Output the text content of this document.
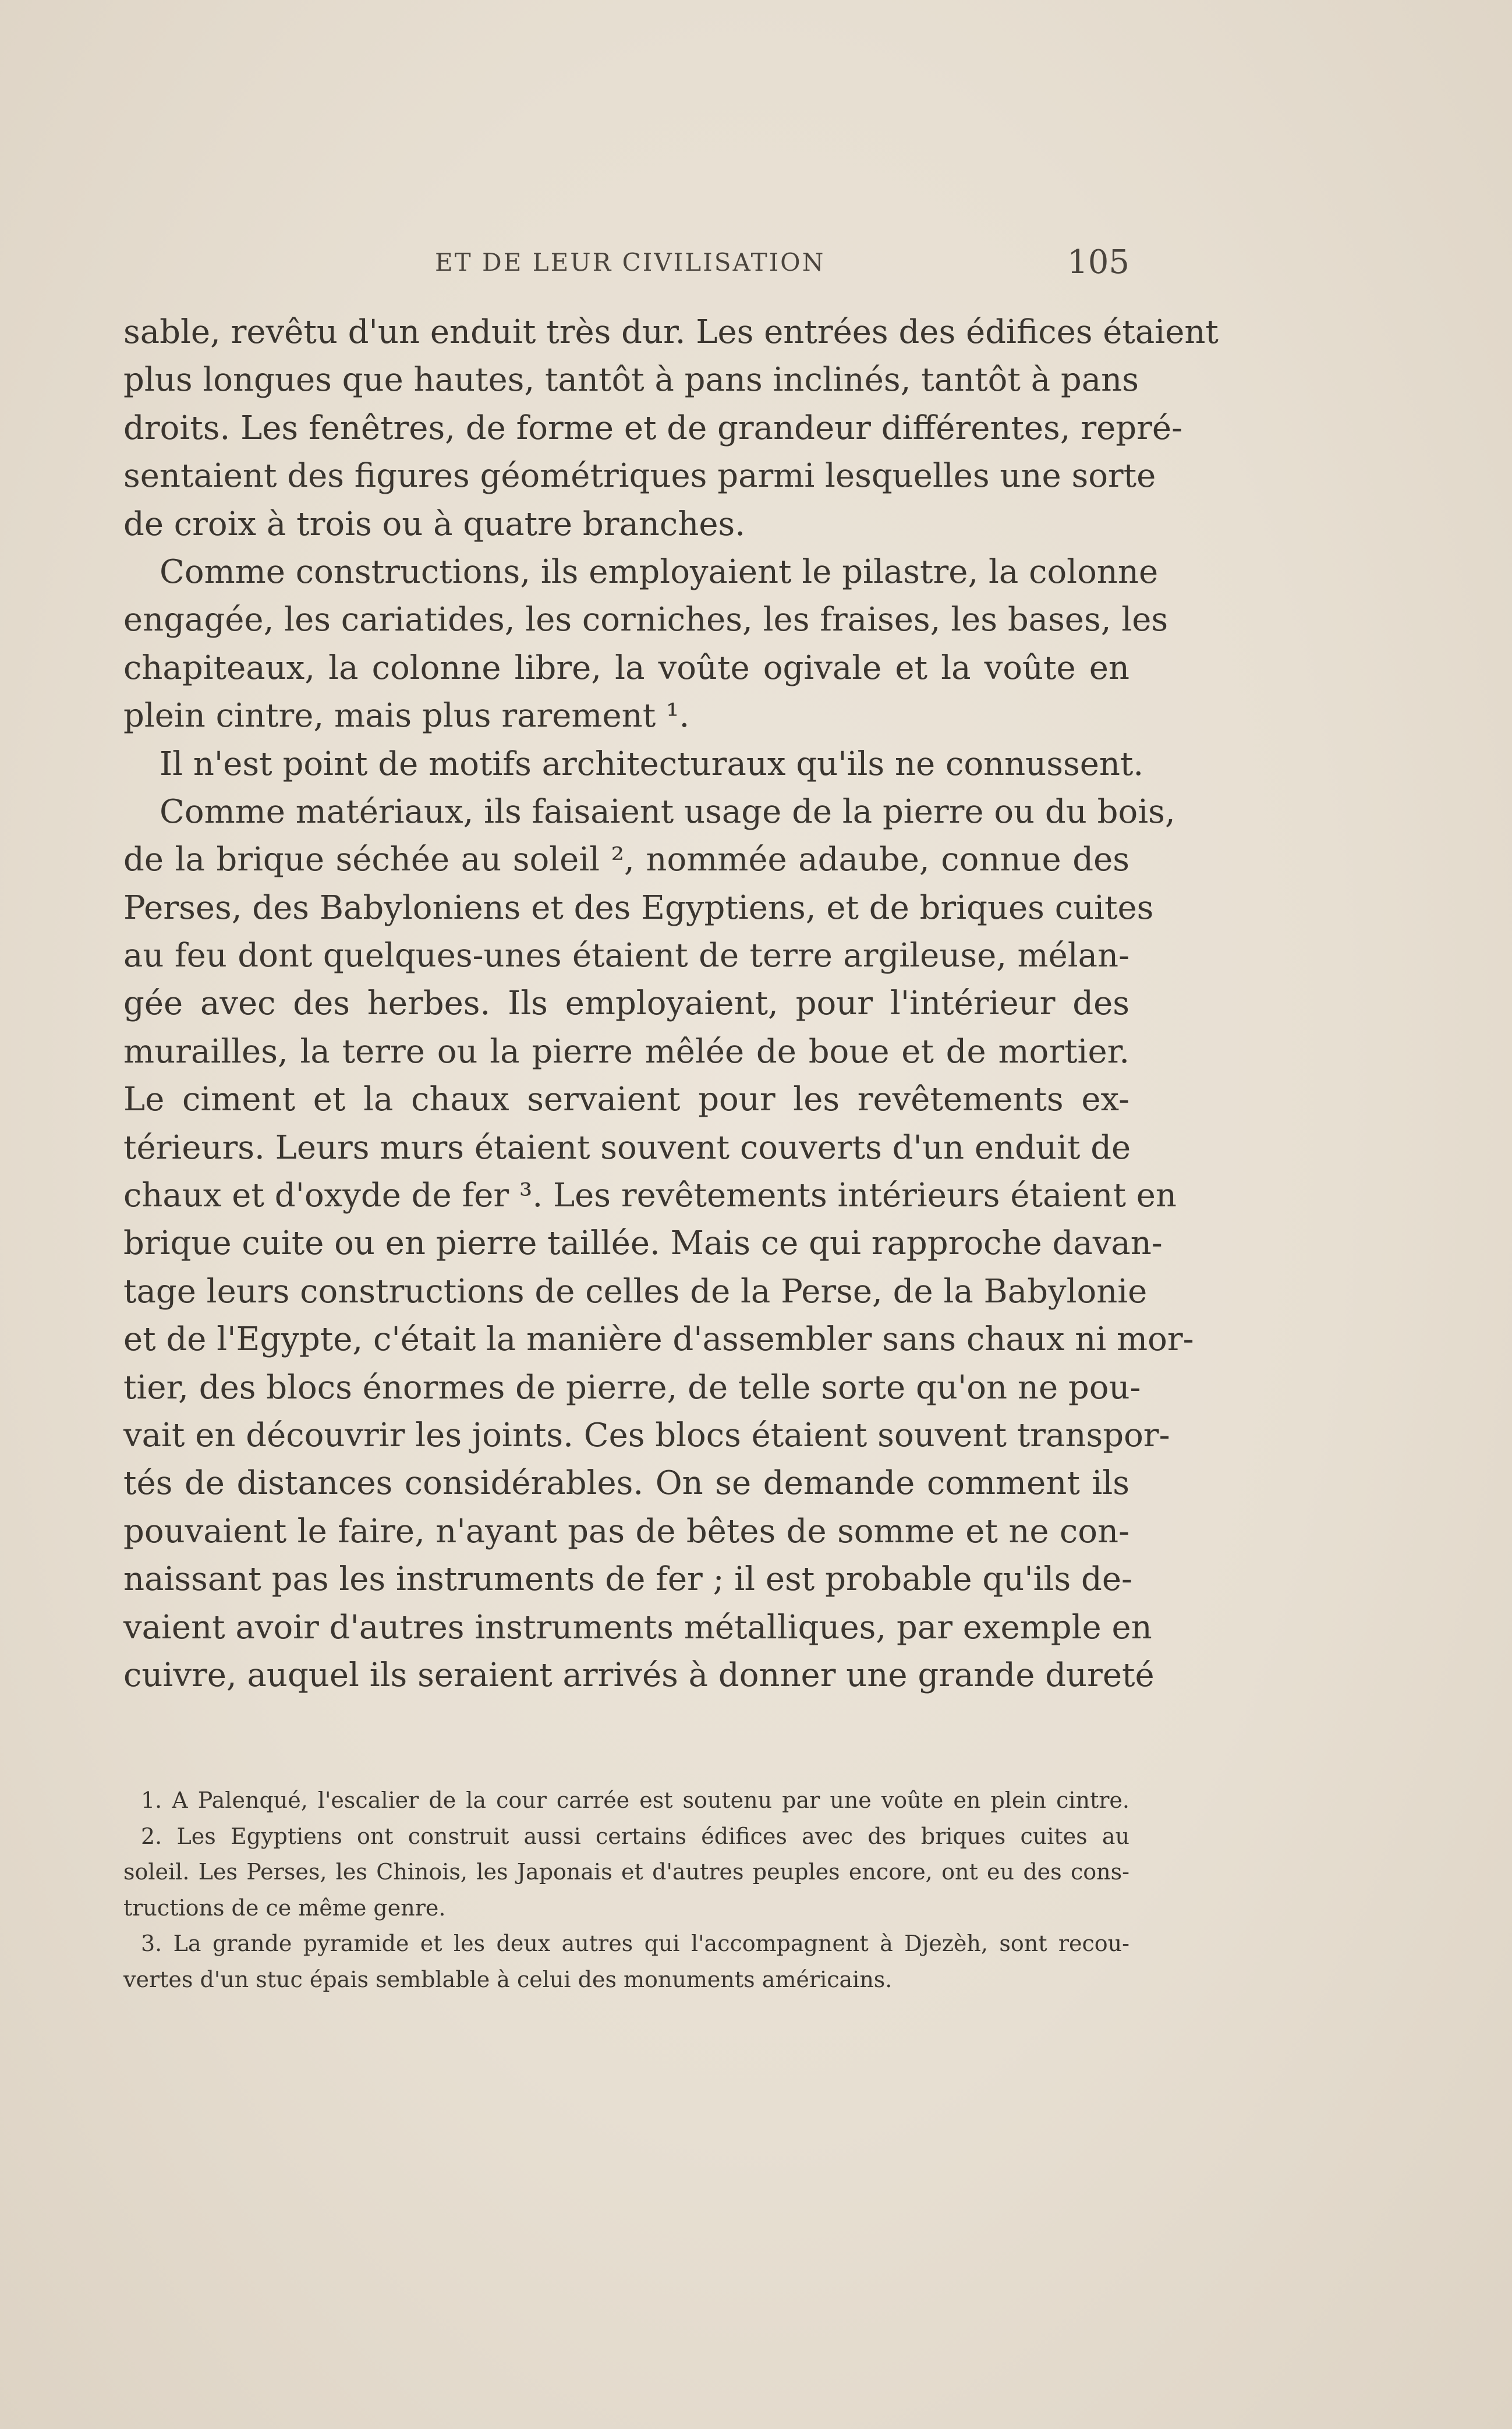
ET DE LEUR CIVILISATION	105
sable, revêtu d'un enduit très dur. Les entrées des édifices étaient
plus longues que hautes, tantôt à pans inclinés, tantôt à pans
droits. Les fenêtres, de forme et de grandeur différentes, repré-
sentaient des figures géométriques parmi lesquelles une sorte
de croix à trois ou à quatre branches.
Comme constructions, ils employaient le pilastre, la colonne
engagée, les cariatides, les corniches, les fraises, les bases, les
chapiteaux, la colonne libre, la voûte ogivale et la voûte en
plein cintre, mais plus rarement ¹.
Il n'est point de motifs architecturaux qu'ils ne connussent.
Comme matériaux, ils faisaient usage de la pierre ou du bois,
de la brique séchée au soleil ², nommée adaube, connue des
Perses, des Babyloniens et des Egyptiens, et de briques cuites
au feu dont quelques-unes étaient de terre argileuse, mélan-
gée avec des herbes. Ils employaient, pour l'intérieur des
murailles, la terre ou la pierre mêlée de boue et de mortier.
Le ciment et la chaux servaient pour les revêtements ex-
térieurs. Leurs murs étaient souvent couverts d'un enduit de
chaux et d'oxyde de fer ³. Les revêtements intérieurs étaient en
brique cuite ou en pierre taillée. Mais ce qui rapproche davan-
tage leurs constructions de celles de la Perse, de la Babylonie
et de l'Egypte, c'était la manière d'assembler sans chaux ni mor-
tier, des blocs énormes de pierre, de telle sorte qu'on ne pou-
vait en découvrir les joints. Ces blocs étaient souvent transpor-
tés de distances considérables. On se demande comment ils
pouvaient le faire, n'ayant pas de bêtes de somme et ne con-
naissant pas les instruments de fer ; il est probable qu'ils de-
vaient avoir d'autres instruments métalliques, par exemple en
cuivre, auquel ils seraient arrivés à donner une grande dureté
1. A Palenqué, l'escalier de la cour carrée est soutenu par une voûte en plein cintre.
2. Les Egyptiens ont construit aussi certains édifices avec des briques cuites au
soleil. Les Perses, les Chinois, les Japonais et d'autres peuples encore, ont eu des cons-
tructions de ce même genre.
3. La grande pyramide et les deux autres qui l'accompagnent à Djezèh, sont recou-
vertes d'un stuc épais semblable à celui des monuments américains.
